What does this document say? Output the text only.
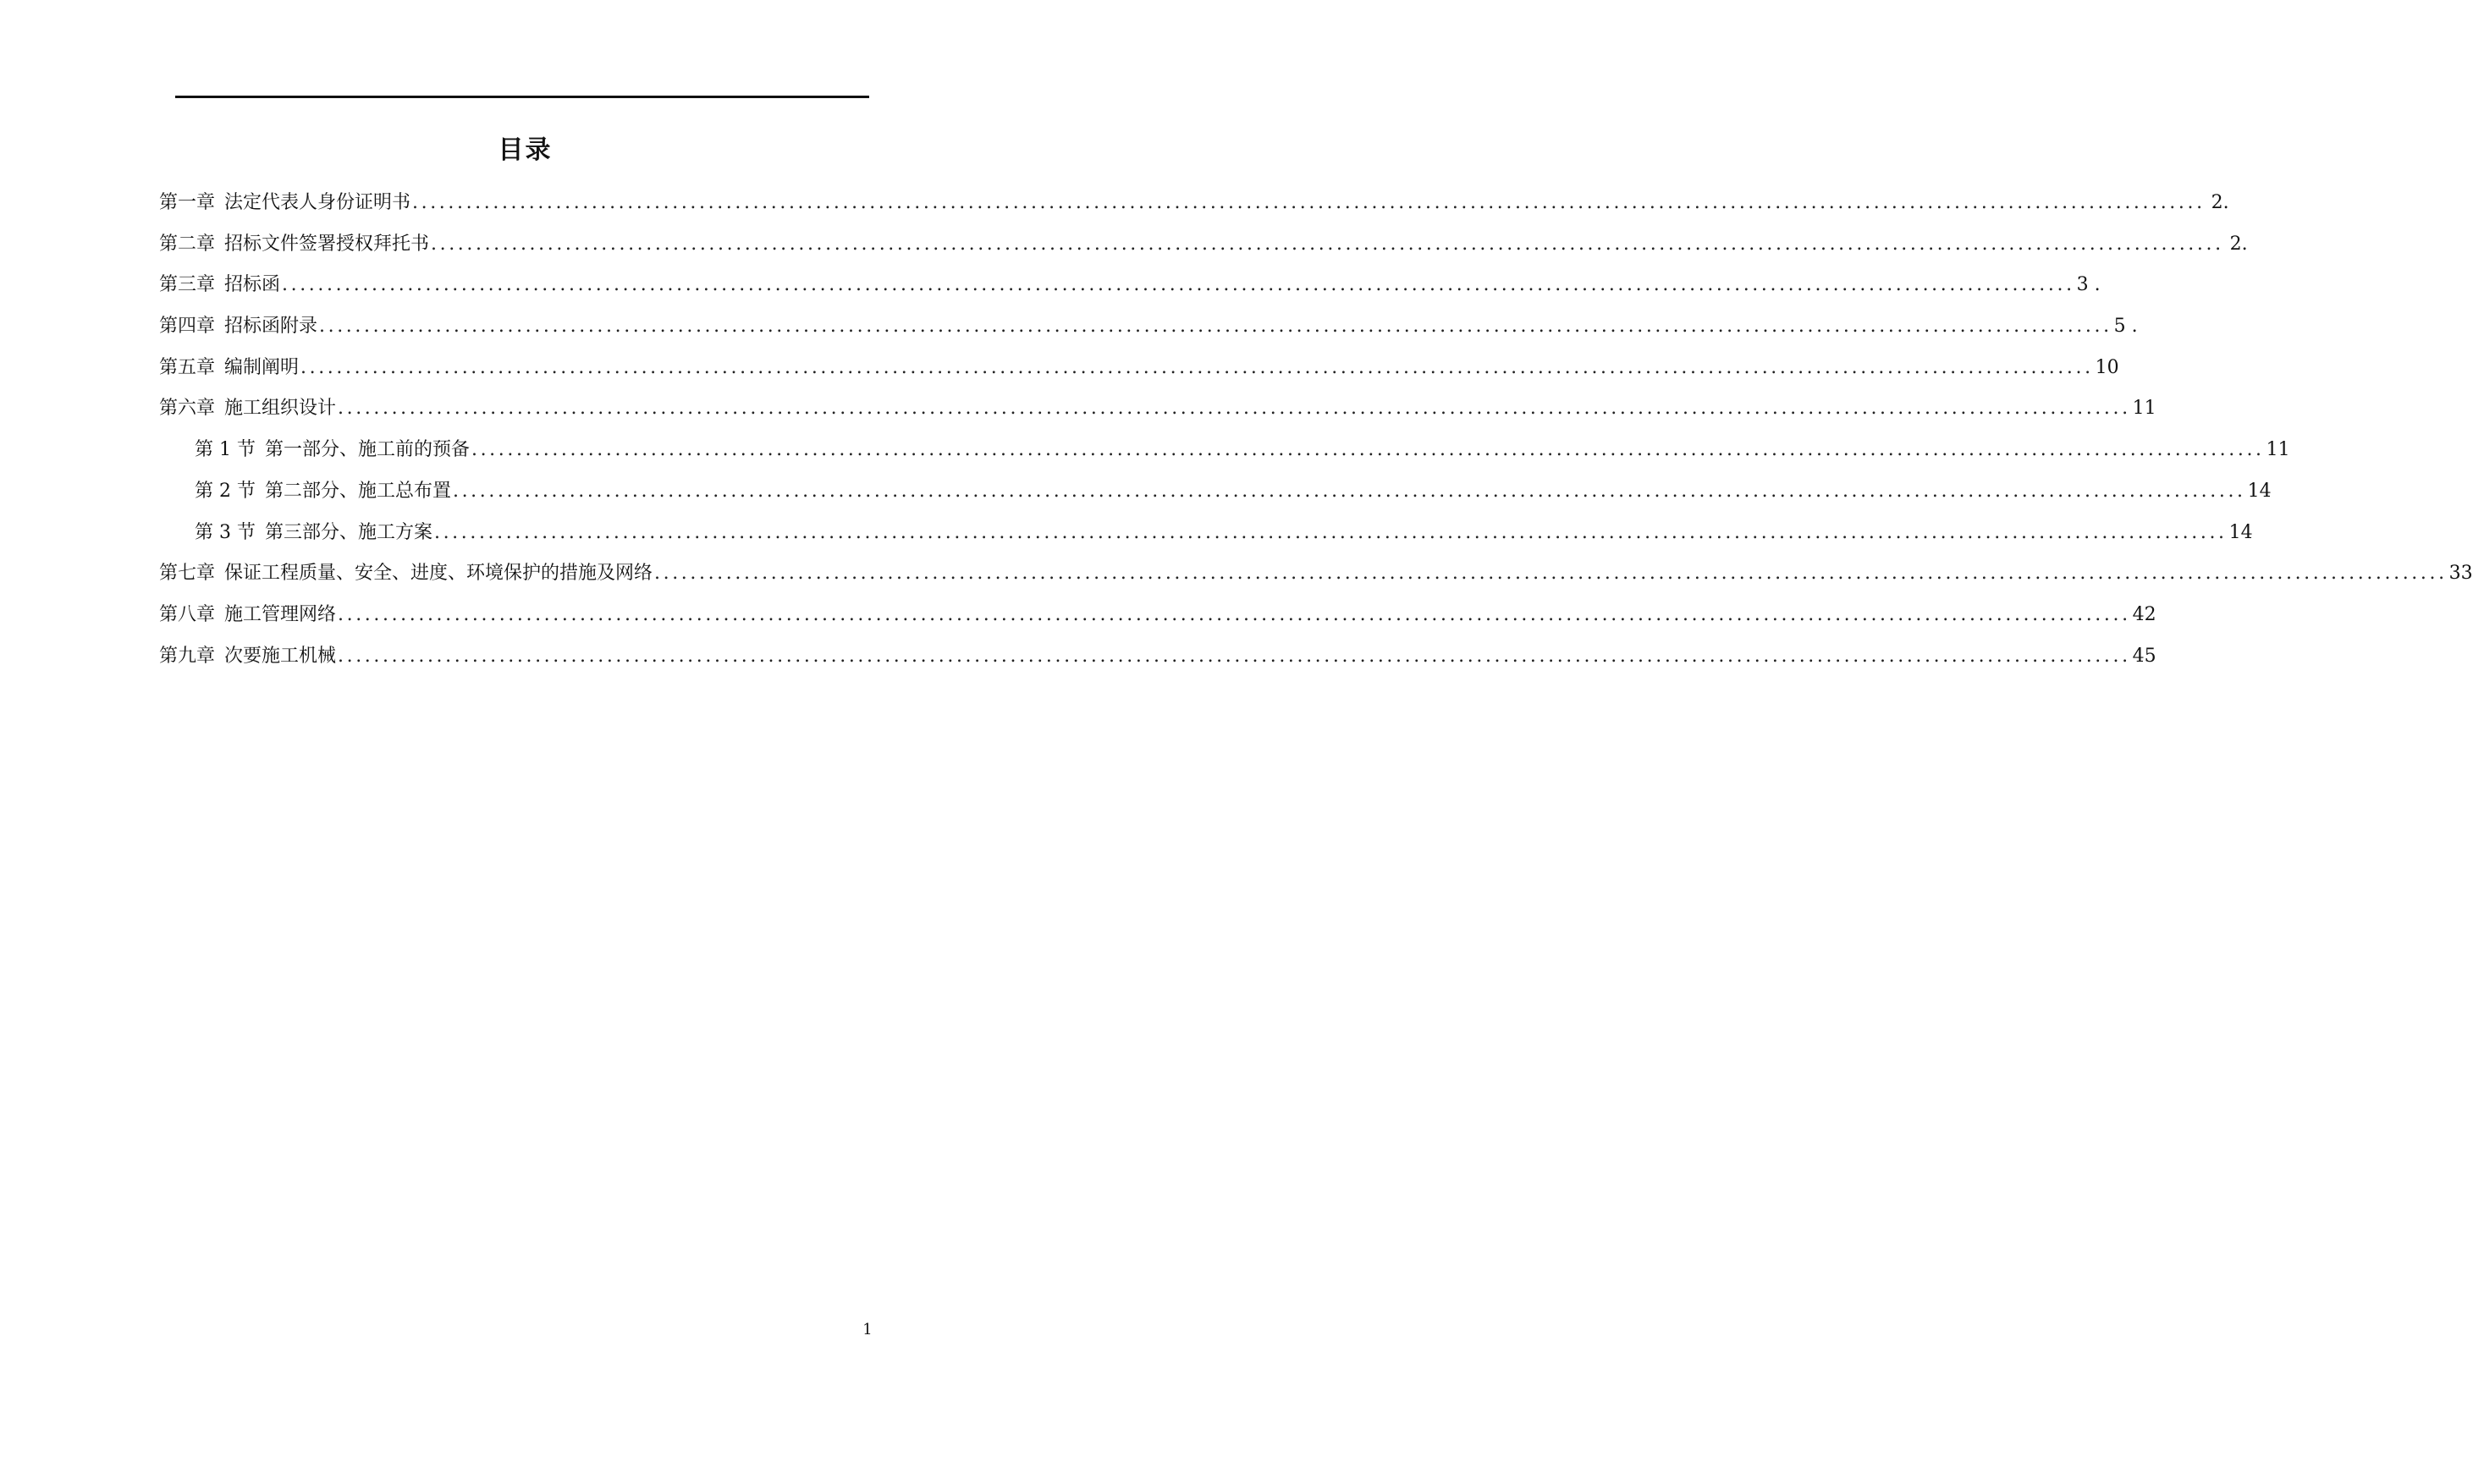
目录
第一章 法定代表人身份证明书 ........................................................................................................................................................................................................ 2.
第二章 招标文件签署授权拜托书 ........................................................................................................................................................................................................ 2.
第三章 招标函 ........................................................................................................................................................................................................ 3 .
第四章 招标函附录 ........................................................................................................................................................................................................ 5 .
第五章 编制阐明 ........................................................................................................................................................................................................ 10
第六章 施工组织设计 ........................................................................................................................................................................................................ 11
第 1 节 第一部分、施工前的预备 ........................................................................................................................................................................................................ 11
第 2 节 第二部分、施工总布置 ........................................................................................................................................................................................................ 14
第 3 节 第三部分、施工方案 ........................................................................................................................................................................................................ 14
第七章 保证工程质量、安全、进度、环境保护的措施及网络 ........................................................................................................................................................................................................ 33
第八章 施工管理网络 ........................................................................................................................................................................................................ 42
第九章 次要施工机械 ........................................................................................................................................................................................................ 45
1
